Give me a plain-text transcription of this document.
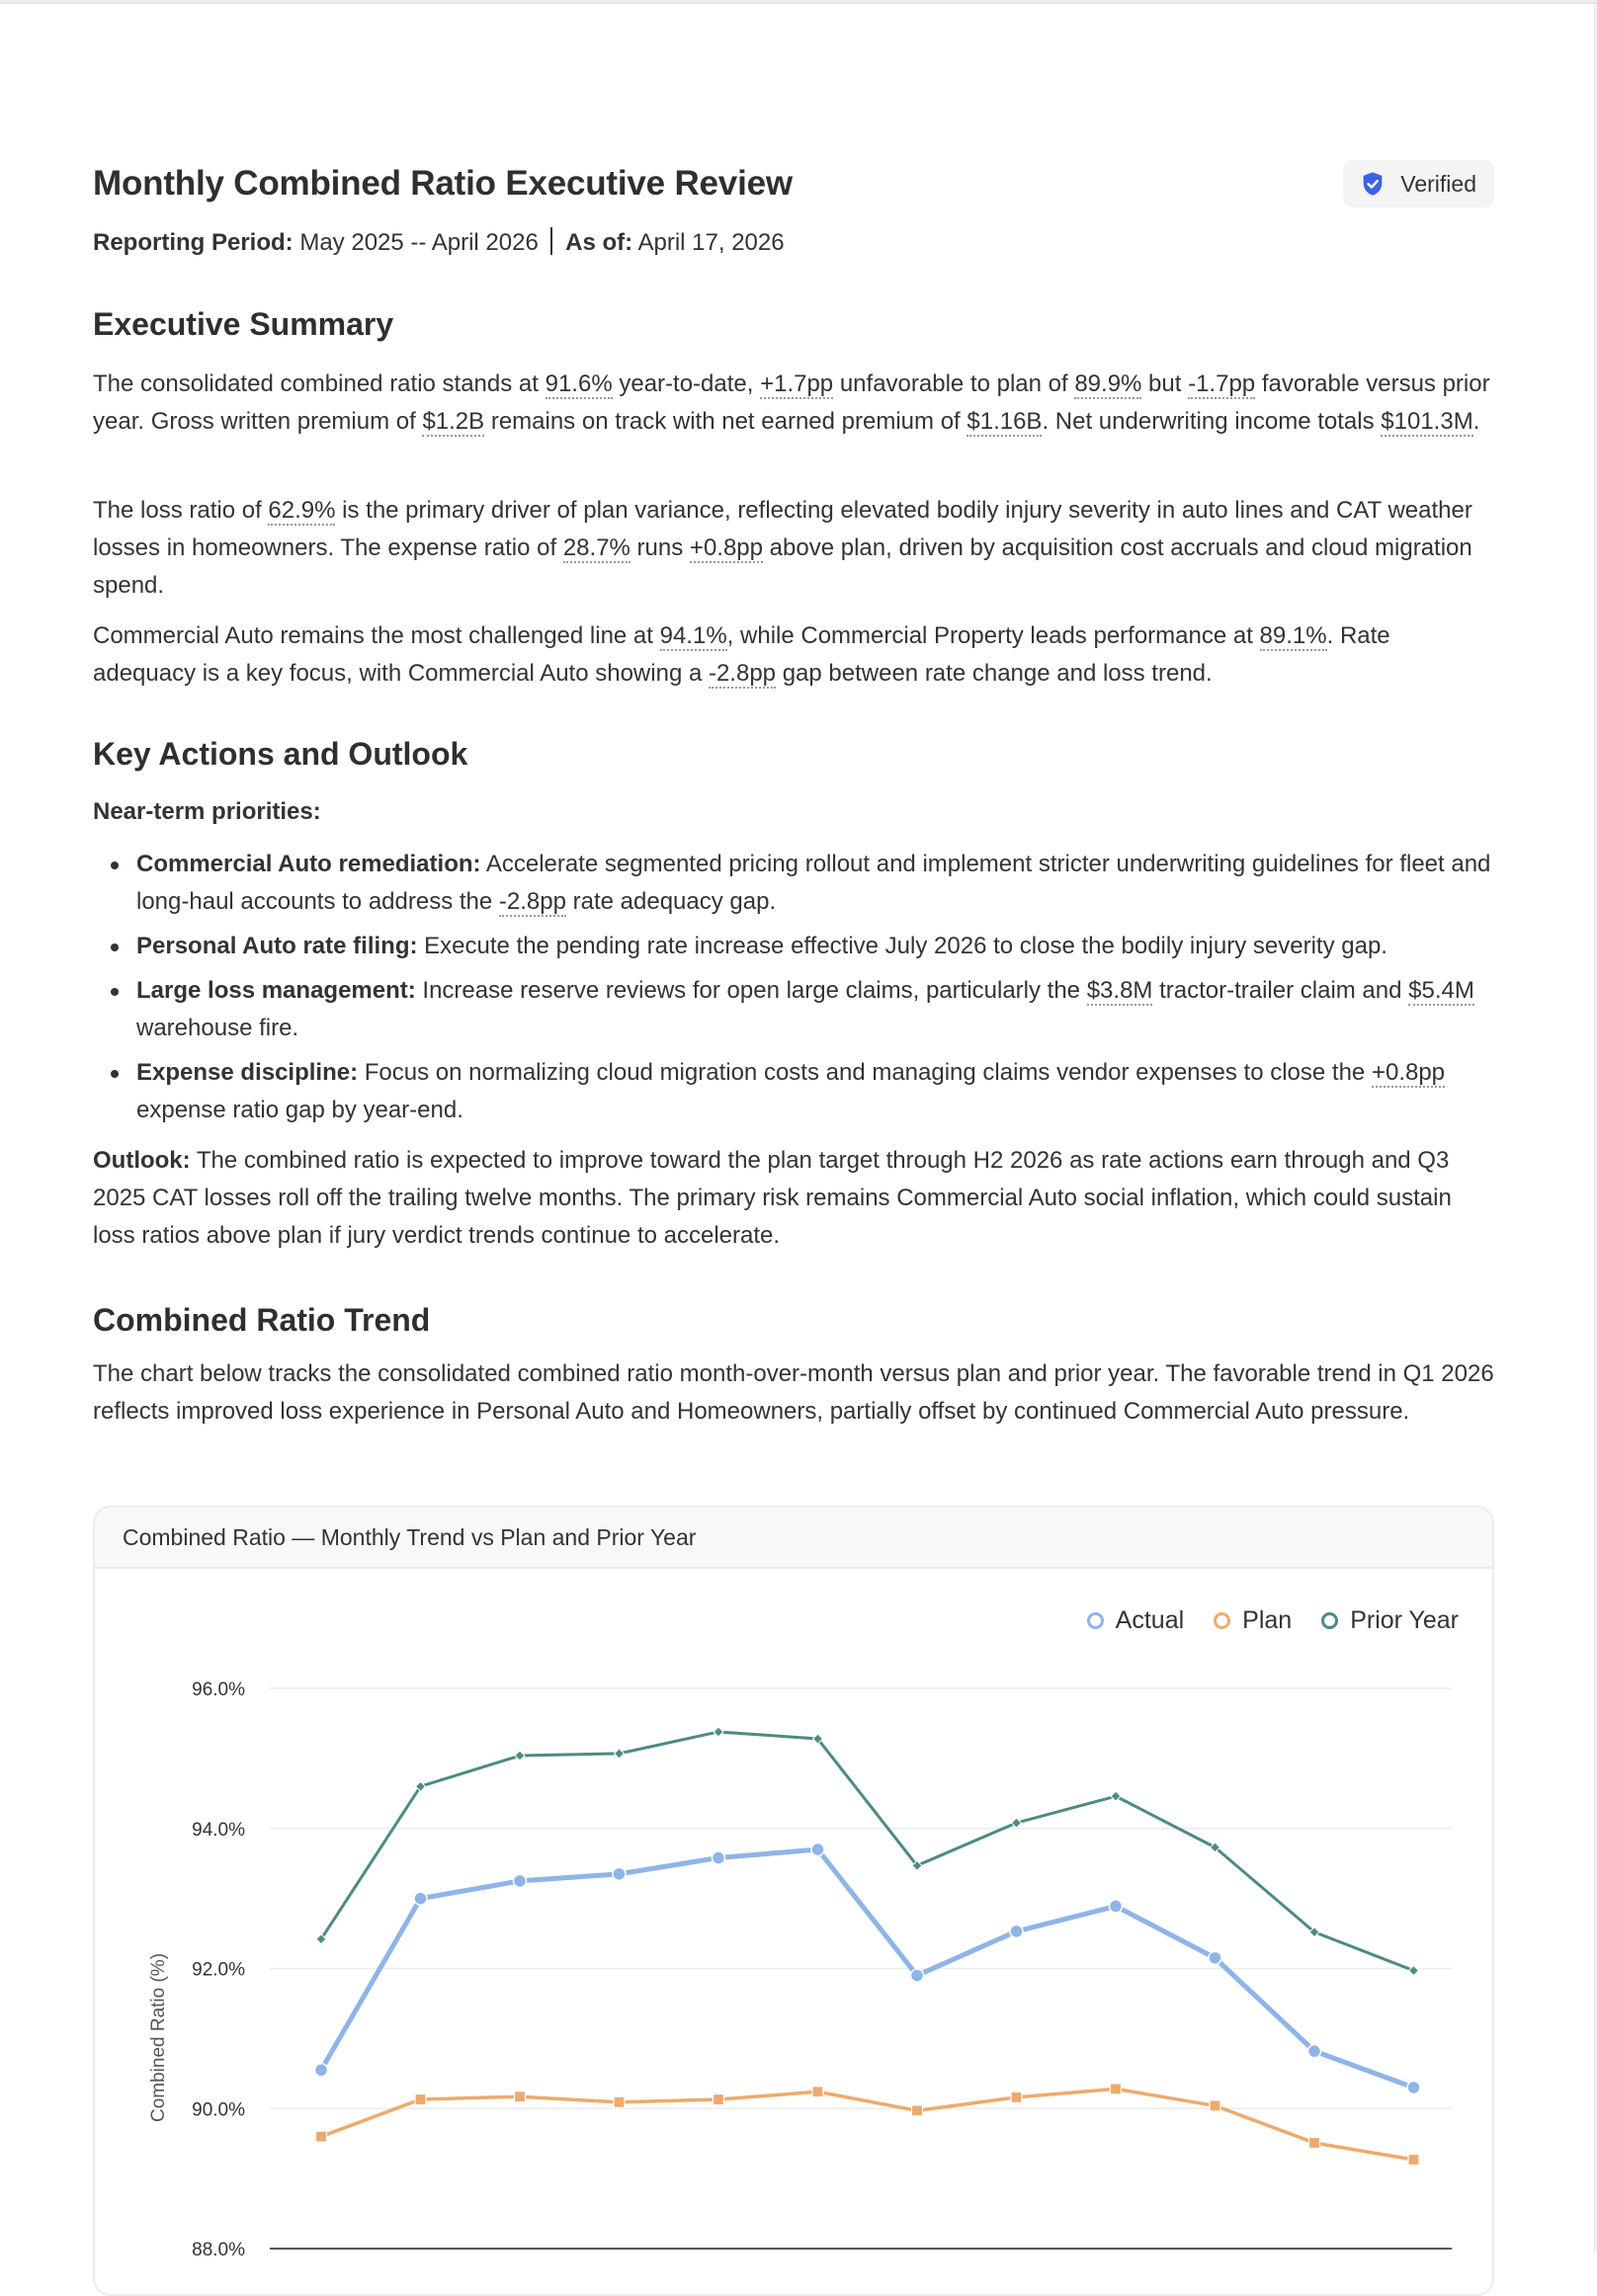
Monthly Combined Ratio Executive Review	Verified
Reporting Period: May 2025 -- April 2026 As of: April 17, 2026
Executive Summary

The consolidated combined ratio stands at 91.6% year-to-date, +1.7pp unfavorable to plan of 89.9% but -1.7pp favorable versus prior year. Gross written premium of $1.2B remains on track with net earned premium of $1.16B. Net underwriting income totals $101.3M.

The loss ratio of 62.9% is the primary driver of plan variance, reflecting elevated bodily injury severity in auto lines and CAT weather losses in homeowners. The expense ratio of 28.7% runs +0.8pp above plan, driven by acquisition cost accruals and cloud migration spend.

Commercial Auto remains the most challenged line at 94.1%, while Commercial Property leads performance at 89.1%. Rate adequacy is a key focus, with Commercial Auto showing a -2.8pp gap between rate change and loss trend.

Key Actions and Outlook

Near-term priorities:

Commercial Auto remediation: Accelerate segmented pricing rollout and implement stricter underwriting guidelines for fleet and long-haul accounts to address the -2.8pp rate adequacy gap.
Personal Auto rate filing: Execute the pending rate increase effective July 2026 to close the bodily injury severity gap.
Large loss management: Increase reserve reviews for open large claims, particularly the $3.8M tractor-trailer claim and $5.4M warehouse fire.
Expense discipline: Focus on normalizing cloud migration costs and managing claims vendor expenses to close the +0.8pp expense ratio gap by year-end.

Outlook: The combined ratio is expected to improve toward the plan target through H2 2026 as rate actions earn through and Q3 2025 CAT losses roll off the trailing twelve months. The primary risk remains Commercial Auto social inflation, which could sustain loss ratios above plan if jury verdict trends continue to accelerate.

Combined Ratio Trend

The chart below tracks the consolidated combined ratio month-over-month versus plan and prior year. The favorable trend in Q1 2026 reflects improved loss experience in Personal Auto and Homeowners, partially offset by continued Commercial Auto pressure.

Combined Ratio — Monthly Trend vs Plan and Prior Year
Actual Plan Prior Year
96.0%
94.0%
92.0%
90.0%
88.0%
Combined Ratio (%)
